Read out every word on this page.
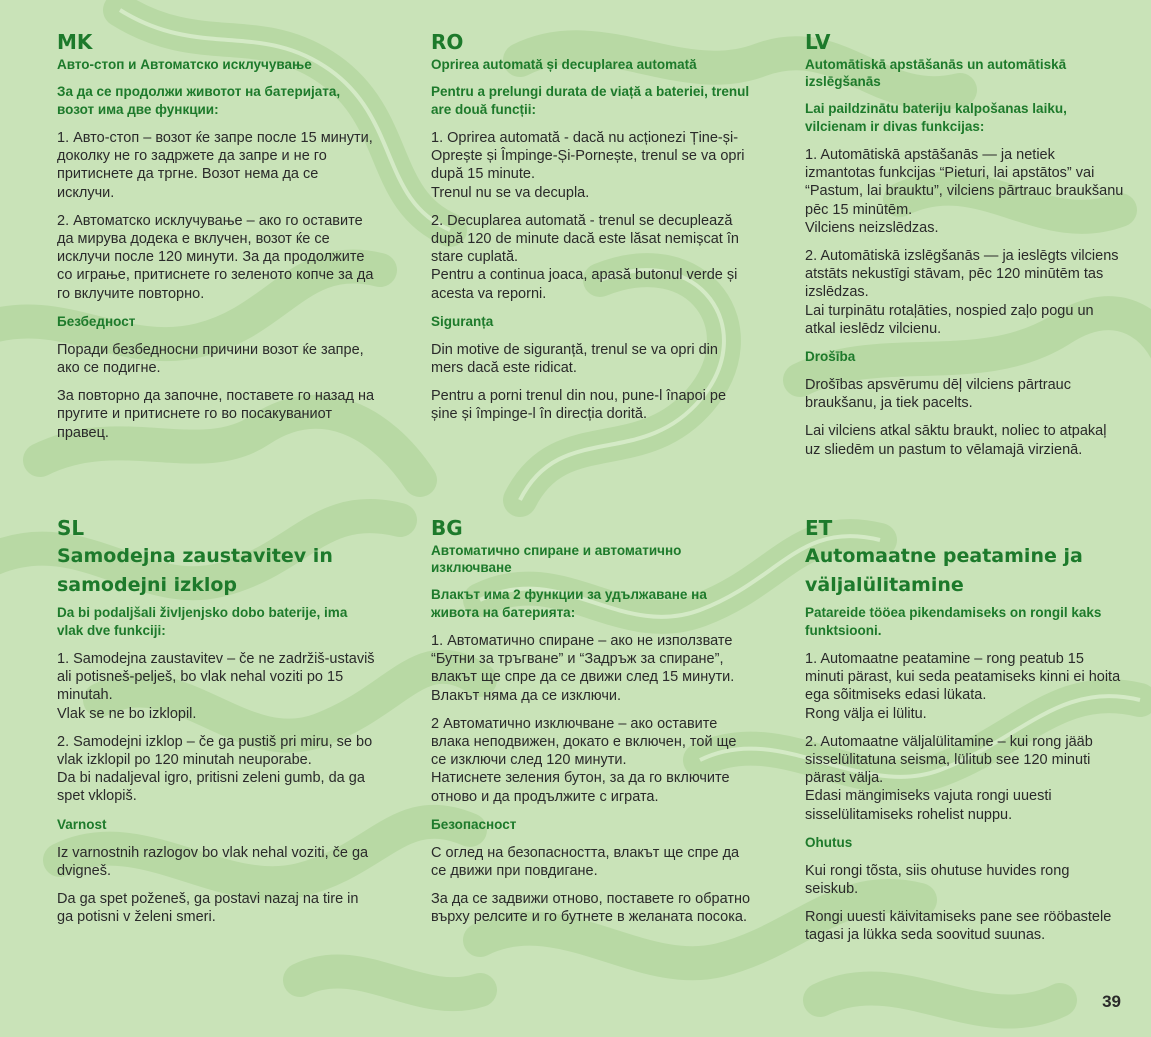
MK
Авто-стоп и Автоматско исклучување
За да се продолжи животот на батеријата, возот има две функции:
1. Авто-стоп – возот ќе запре после 15 минути, доколку не го задржете да запре и не го притиснете да тргне. Возот нема да се исклучи.
2. Автоматско исклучување – ако го оставите да мирува додека е вклучен, возот ќе се исклучи после 120 минути. За да продолжите со играње, притиснете го зеленото копче за да го вклучите повторно.
Безбедност
Поради безбедносни причини возот ќе запре, ако се подигне.
За повторно да започне, поставете го назад на пругите и притиснете го во посакуваниот правец.
RO
Oprirea automată și decuplarea automată
Pentru a prelungi durata de viață a bateriei, trenul are două funcții:
1. Oprirea automată - dacă nu acționezi Ține-și-Oprește și Împinge-Și-Pornește, trenul se va opri după 15 minute.
Trenul nu se va decupla.
2. Decuplarea automată - trenul se decuplează după 120 de minute dacă este lăsat nemișcat în stare cuplată.
Pentru a continua joaca, apasă butonul verde și acesta va reporni.
Siguranța
Din motive de siguranță, trenul se va opri din mers dacă este ridicat.
Pentru a porni trenul din nou, pune-l înapoi pe șine și împinge-l în direcția dorită.
LV
Automātiskā apstāšanās un automātiskā izslēgšanās
Lai paildzinātu bateriju kalpošanas laiku, vilcienam ir divas funkcijas:
1. Automātiskā apstāšanās — ja netiek izmantotas funkcijas “Pieturi, lai apstātos” vai “Pastum, lai brauktu”, vilciens pārtrauc braukšanu pēc 15 minūtēm.
Vilciens neizslēdzas.
2. Automātiskā izslēgšanās — ja ieslēgts vilciens atstāts nekustīgi stāvam, pēc 120 minūtēm tas izslēdzas.
Lai turpinātu rotaļāties, nospied zaļo pogu un atkal ieslēdz vilcienu.
Drošība
Drošības apsvērumu dēļ vilciens pārtrauc braukšanu, ja tiek pacelts.
Lai vilciens atkal sāktu braukt, noliec to atpakaļ uz sliedēm un pastum to vēlamajā virzienā.
SL
Samodejna zaustavitev in samodejni izklop
Da bi podaljšali življenjsko dobo baterije, ima vlak dve funkciji:
1. Samodejna zaustavitev – če ne zadržiš-ustaviš ali potisneš-pelješ, bo vlak nehal voziti po 15 minutah.
Vlak se ne bo izklopil.
2. Samodejni izklop – če ga pustiš pri miru, se bo vlak izklopil po 120 minutah neuporabe.
Da bi nadaljeval igro, pritisni zeleni gumb, da ga spet vklopiš.
Varnost
Iz varnostnih razlogov bo vlak nehal voziti, če ga dvigneš.
Da ga spet poženeš, ga postavi nazaj na tire in ga potisni v želeni smeri.
BG
Автоматично спиране и автоматично изключване
Влакът има 2 функции за удължаване на живота на батерията:
1. Автоматично спиране – ако не използвате “Бутни за тръгване” и “Задръж за спиране”, влакът ще спре да се движи след 15 минути.
Влакът няма да се изключи.
2 Автоматично изключване – ако оставите влака неподвижен, докато е включен, той ще се изключи след 120 минути.
Натиснете зеления бутон, за да го включите отново и да продължите с играта.
Безопасност
С оглед на безопасността, влакът ще спре да се движи при повдигане.
За да се задвижи отново, поставете го обратно върху релсите и го бутнете в желаната посока.
ET
Automaatne peatamine ja väljalülitamine
Patareide tööea pikendamiseks on rongil kaks funktsiooni.
1. Automaatne peatamine – rong peatub 15 minuti pärast, kui seda peatamiseks kinni ei hoita ega sõitmiseks edasi lükata.
Rong välja ei lülitu.
2. Automaatne väljalülitamine – kui rong jääb sisselülitatuna seisma, lülitub see 120 minuti pärast välja.
Edasi mängimiseks vajuta rongi uuesti sisselülitamiseks rohelist nuppu.
Ohutus
Kui rongi tõsta, siis ohutuse huvides rong seiskub.
Rongi uuesti käivitamiseks pane see rööbastele tagasi ja lükka seda soovitud suunas.
39
